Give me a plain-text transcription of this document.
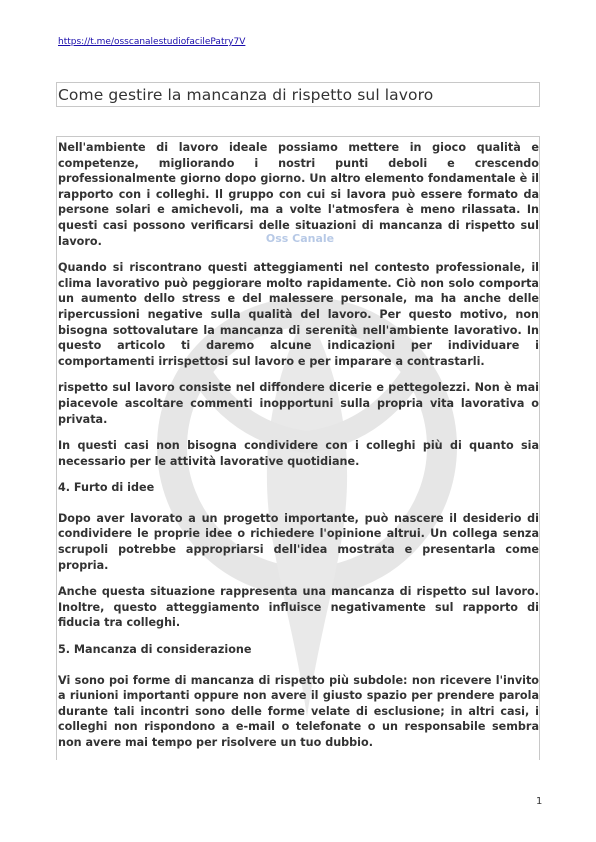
https://t.me/osscanalestudiofacilePatry7V
Come gestire la mancanza di rispetto sul lavoro
Oss Canale

Nell'ambiente di lavoro ideale possiamo mettere in gioco qualità e competenze, migliorando i nostri punti deboli e crescendo professionalmente giorno dopo giorno. Un altro elemento fondamentale è il rapporto con i colleghi. Il gruppo con cui si lavora può essere formato da persone solari e amichevoli, ma a volte l'atmosfera è meno rilassata. In questi casi possono verificarsi delle situazioni di mancanza di rispetto sul lavoro.

Quando si riscontrano questi atteggiamenti nel contesto professionale, il clima lavorativo può peggiorare molto rapidamente. Ciò non solo comporta un aumento dello stress e del malessere personale, ma ha anche delle ripercussioni negative sulla qualità del lavoro. Per questo motivo, non bisogna sottovalutare la mancanza di serenità nell'ambiente lavorativo. In questo articolo ti daremo alcune indicazioni per individuare i comportamenti irrispettosi sul lavoro e per imparare a contrastarli.

rispetto sul lavoro consiste nel diffondere dicerie e pettegolezzi. Non è mai piacevole ascoltare commenti inopportuni sulla propria vita lavorativa o privata.

In questi casi non bisogna condividere con i colleghi più di quanto sia necessario per le attività lavorative quotidiane.

4. Furto di idee

Dopo aver lavorato a un progetto importante, può nascere il desiderio di condividere le proprie idee o richiedere l'opinione altrui. Un collega senza scrupoli potrebbe appropriarsi dell'idea mostrata e presentarla come propria.

Anche questa situazione rappresenta una mancanza di rispetto sul lavoro. Inoltre, questo atteggiamento influisce negativamente sul rapporto di fiducia tra colleghi.

5. Mancanza di considerazione

Vi sono poi forme di mancanza di rispetto più subdole: non ricevere l'invito a riunioni importanti oppure non avere il giusto spazio per prendere parola durante tali incontri sono delle forme velate di esclusione; in altri casi, i colleghi non rispondono a e-mail o telefonate o un responsabile sembra non avere mai tempo per risolvere un tuo dubbio.

1
